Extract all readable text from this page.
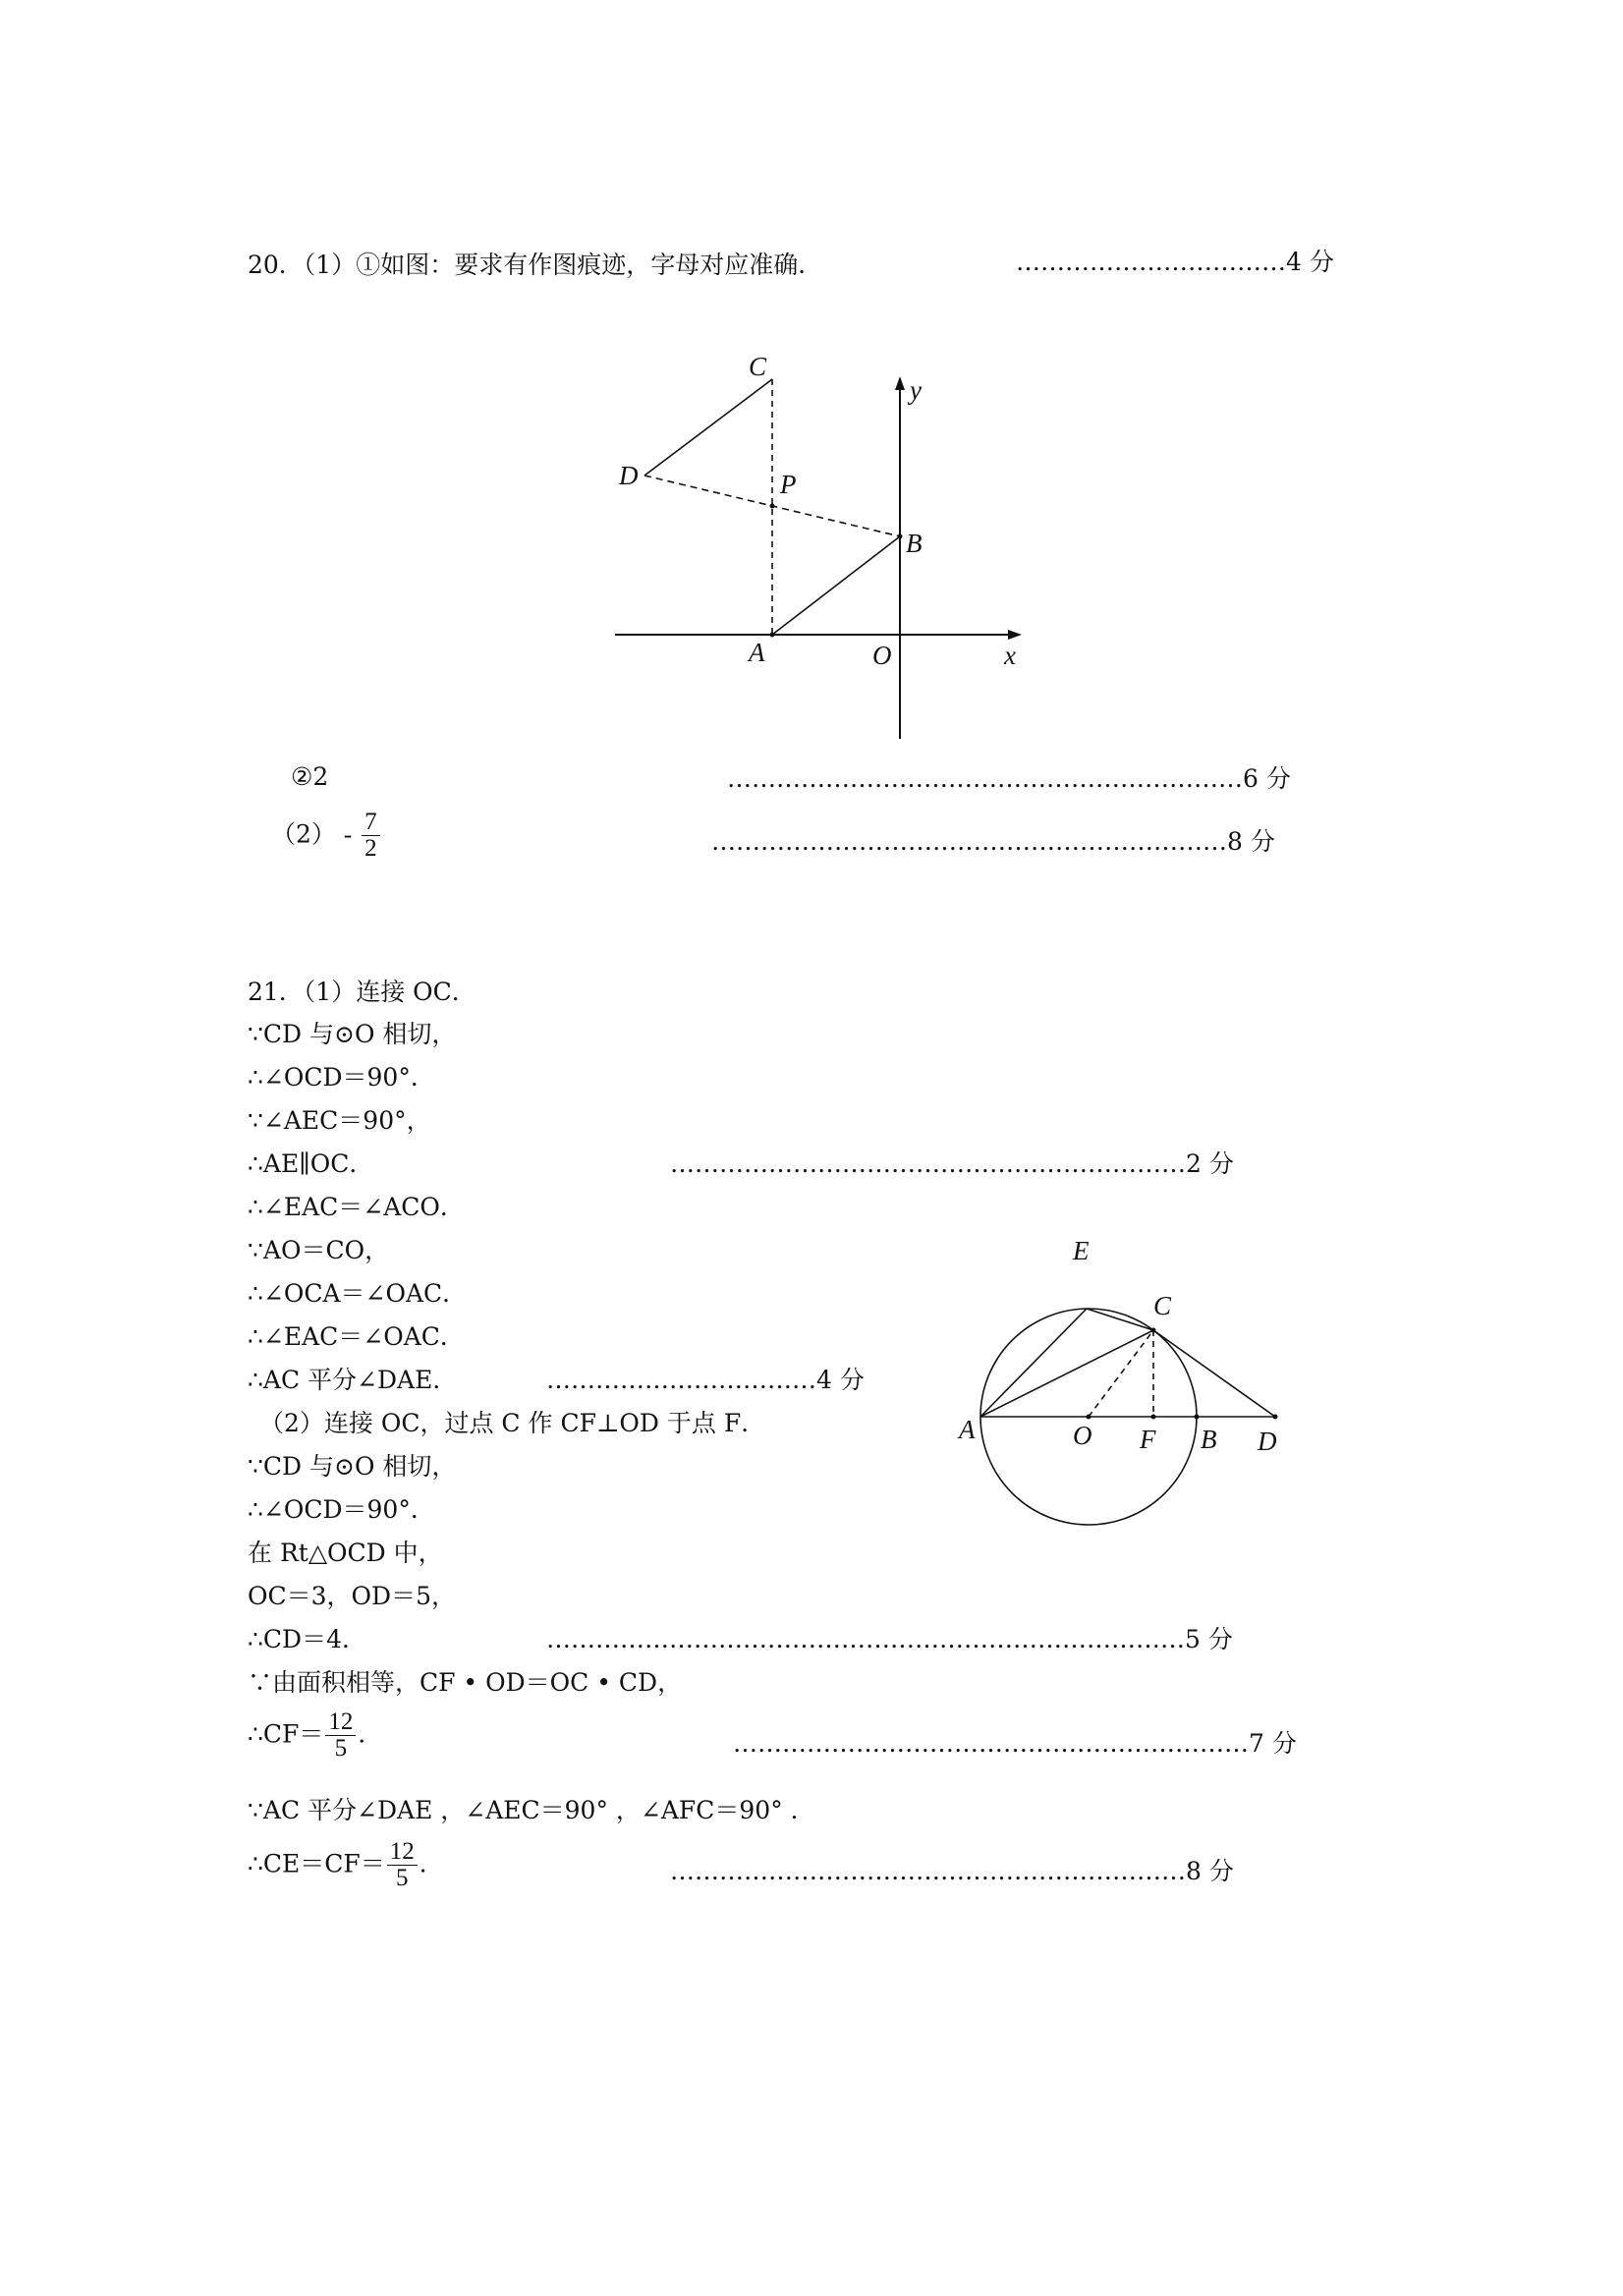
20．（1）①如图：要求有作图痕迹，字母对应准确．	……………………………4 分
C
D	P
B
A	O	x
y
②2	………………………………………………………6 分
$(2) - \frac{7}{2}$	………………………………………………………8 分
21．（1）连接 OC．
∵CD 与⊙O 相切，
∴∠OCD＝90°．
∵∠AEC＝90°，
∴AE∥OC．	………………………………………………………2 分
∴∠EAC＝∠ACO．
∵AO＝CO，
∴∠OCA＝∠OAC．
∴∠EAC＝∠OAC．
∴AC 平分∠DAE．	……………………………4 分
（2）连接 OC，过点 C 作 CF⊥OD 于点 F．
∵CD 与⊙O 相切，
∴∠OCD＝90°．
在 Rt△OCD 中，
OC＝3，OD＝5，
∴CD＝4．	……………………………………………………………………5 分
∵由面积相等，CF • OD＝OC • CD，
∴CF＝ $\frac{12}{5}$ ．	………………………………………………………7 分
∵AC 平分∠DAE ，∠AEC＝90° ，∠AFC＝90° ．
∴CE＝CF＝ $\frac{12}{5}$ ．	………………………………………………………8 分
E
C
A	O F B D
